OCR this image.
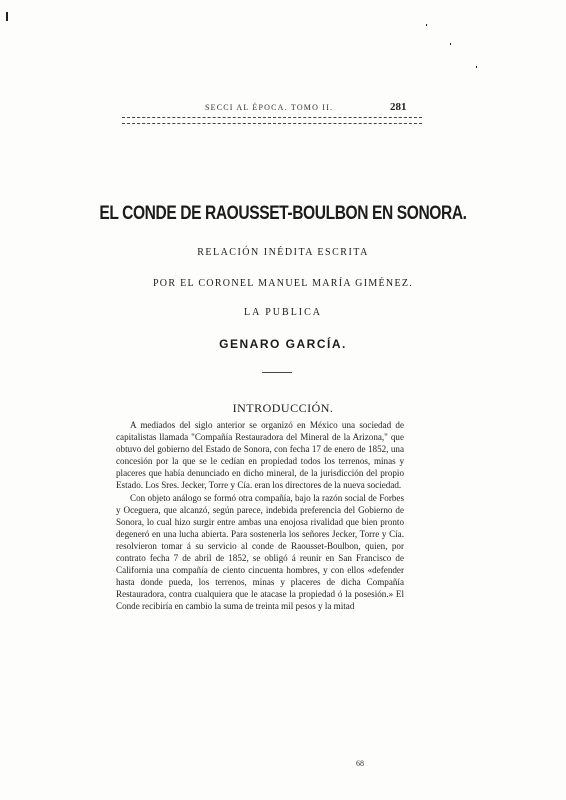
SECCI AL ÉPOCA. TOMO II.	281
EL CONDE DE RAOUSSET-BOULBON EN SONORA.
RELACIÓN INÉDITA ESCRITA
POR EL CORONEL MANUEL MARÍA GIMÉNEZ.
LA PUBLICA
GENARO GARCÍA.
INTRODUCCIÓN.

A mediados del siglo anterior se organizó en México una sociedad de capitalistas llamada "Compañía Restauradora del Mineral de la Arizona," que obtuvo del gobierno del Estado de Sonora, con fecha 17 de enero de 1852, una concesión por la que se le cedían en propiedad todos los terrenos, minas y placeres que había denunciado en dicho mineral, de la jurisdicción del propio Estado. Los Sres. Jecker, Torre y Cía. eran los directores de la nueva sociedad.

Con objeto análogo se formó otra compañía, bajo la razón social de Forbes y Oceguera, que alcanzó, según parece, indebida preferencia del Gobierno de Sonora, lo cual hizo surgir entre ambas una enojosa rivalidad que bien pronto degeneró en una lucha abierta. Para sostenerla los señores Jecker, Torre y Cía. resolvieron tomar á su servicio al conde de Raousset-Boulbon, quien, por contrato fecha 7 de abril de 1852, se obligó á reunir en San Francisco de California una compañía de ciento cincuenta hombres, y con ellos «defender hasta donde pueda, los terrenos, minas y placeres de dicha Compañía Restauradora, contra cualquiera que le atacase la propiedad ó la posesión.» El Conde recibiría en cambio la suma de treinta mil pesos y la mitad

68
